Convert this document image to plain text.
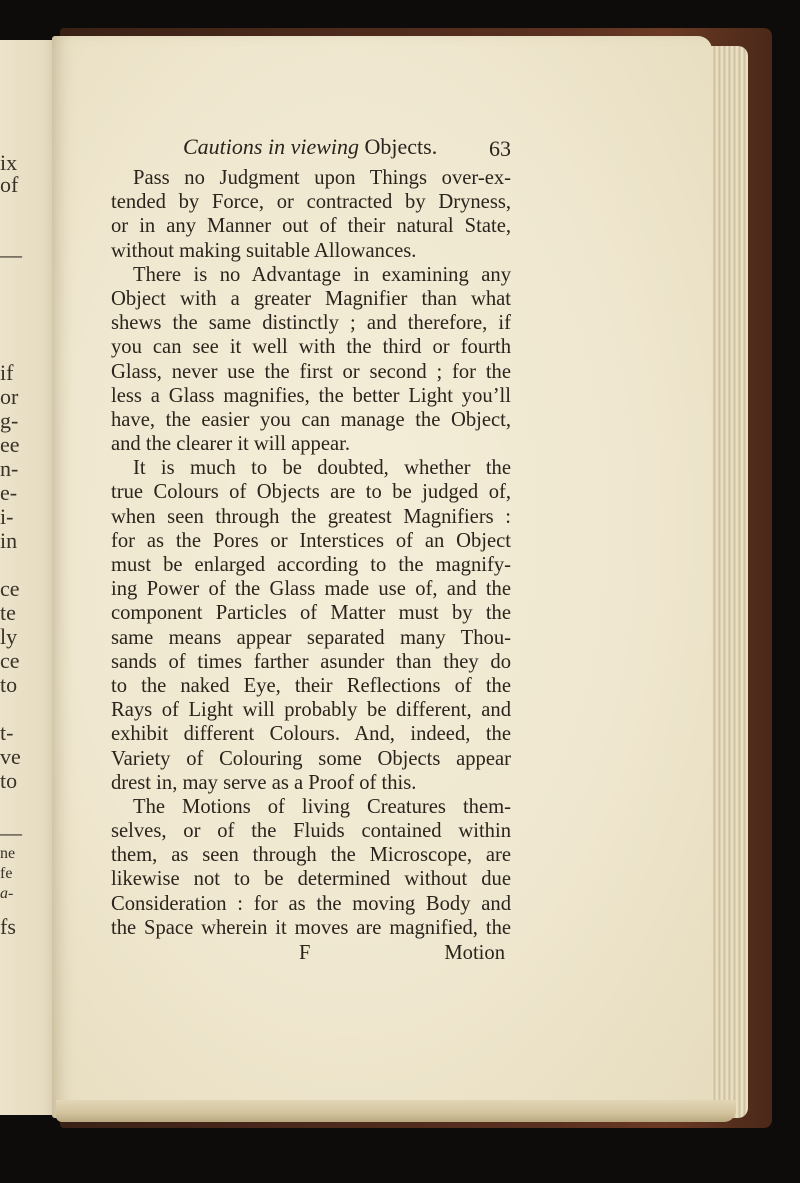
ix
of
—
if
or
g-
ee
n-
e-
i-
in
ce
te
ly
ce
to
t-
ve
to
—
ne
fe
a-
fs
Cautions in viewing Objects. 63
Pass no Judgment upon Things over-ex-
tended by Force, or contracted by Dryness,
or in any Manner out of their natural State,
without making suitable Allowances.
There is no Advantage in examining any
Object with a greater Magnifier than what
shews the same distinctly ; and therefore, if
you can see it well with the third or fourth
Glass, never use the first or second ; for the
less a Glass magnifies, the better Light you’ll
have, the easier you can manage the Object,
and the clearer it will appear.
It is much to be doubted, whether the
true Colours of Objects are to be judged of,
when seen through the greatest Magnifiers :
for as the Pores or Interstices of an Object
must be enlarged according to the magnify-
ing Power of the Glass made use of, and the
component Particles of Matter must by the
same means appear separated many Thou-
sands of times farther asunder than they do
to the naked Eye, their Reflections of the
Rays of Light will probably be different, and
exhibit different Colours. And, indeed, the
Variety of Colouring some Objects appear
drest in, may serve as a Proof of this.
The Motions of living Creatures them-
selves, or of the Fluids contained within
them, as seen through the Microscope, are
likewise not to be determined without due
Consideration : for as the moving Body and
the Space wherein it moves are magnified, the
F	Motion
